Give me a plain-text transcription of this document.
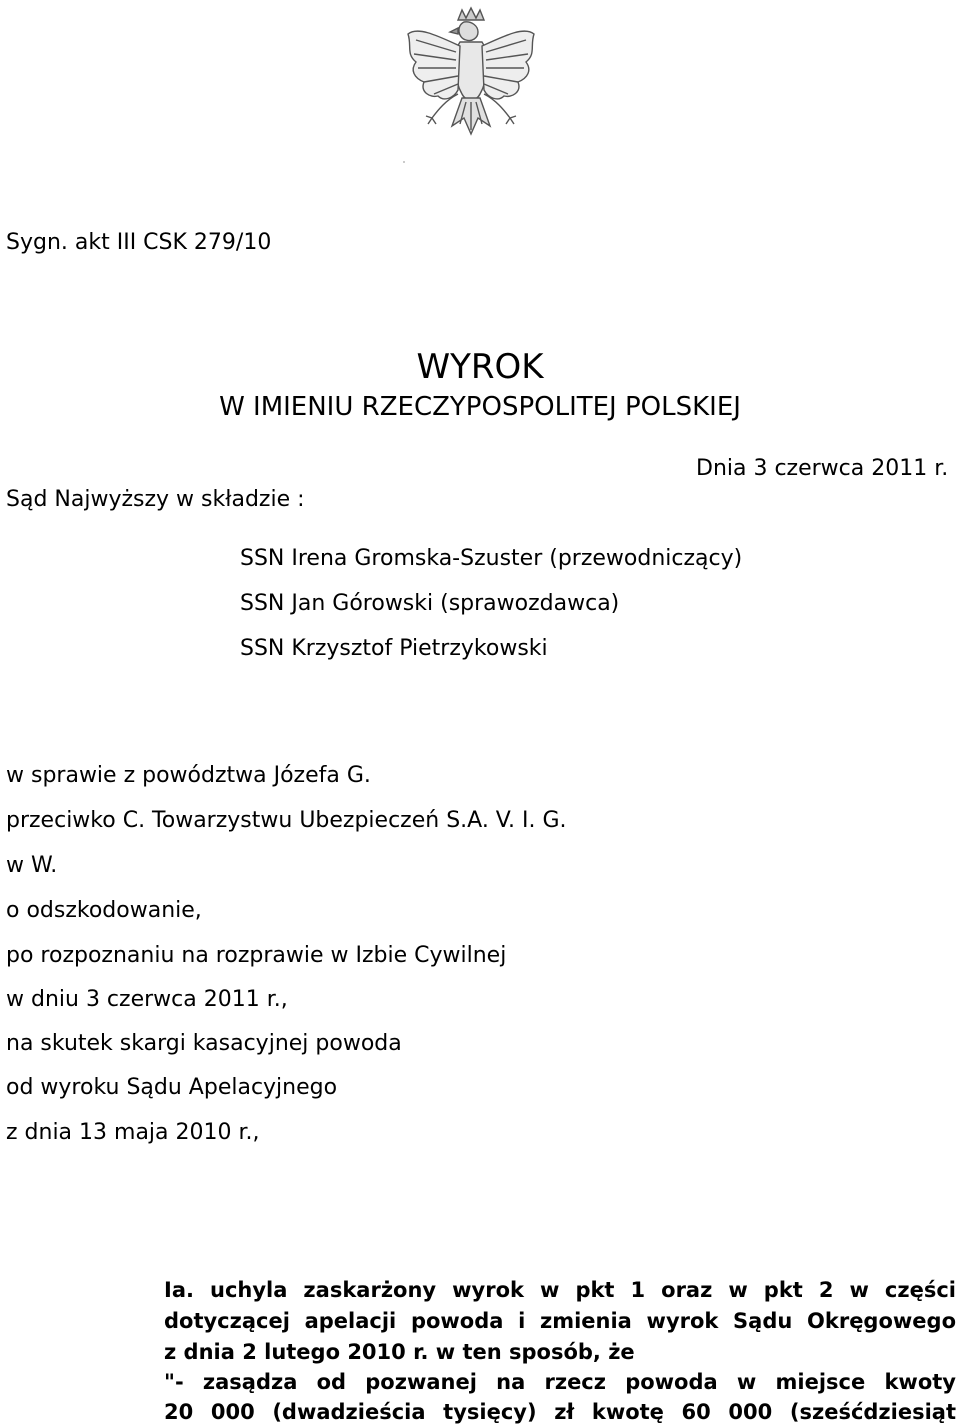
Sygn. akt III CSK 279/10
WYROK
W IMIENIU RZECZYPOSPOLITEJ POLSKIEJ
Dnia 3 czerwca 2011 r.
Sąd Najwyższy w składzie :
SSN Irena Gromska-Szuster (przewodniczący)
SSN Jan Górowski (sprawozdawca)
SSN Krzysztof Pietrzykowski
w sprawie z powództwa Józefa G.
przeciwko C. Towarzystwu Ubezpieczeń S.A. V. I. G.
w W.
o odszkodowanie,
po rozpoznaniu na rozprawie w Izbie Cywilnej
w dniu 3 czerwca 2011 r.,
na skutek skargi kasacyjnej powoda
od wyroku Sądu Apelacyjnego
z dnia 13 maja 2010 r.,
Ia. uchyla zaskarżony wyrok w pkt 1 oraz w pkt 2 w części
dotyczącej apelacji powoda i zmienia wyrok Sądu Okręgowego
z dnia 2 lutego 2010 r. w ten sposób, że
"- zasądza od pozwanej na rzecz powoda w miejsce kwoty
20 000 (dwadzieścia tysięcy) zł kwotę 60 000 (sześćdziesiąt
